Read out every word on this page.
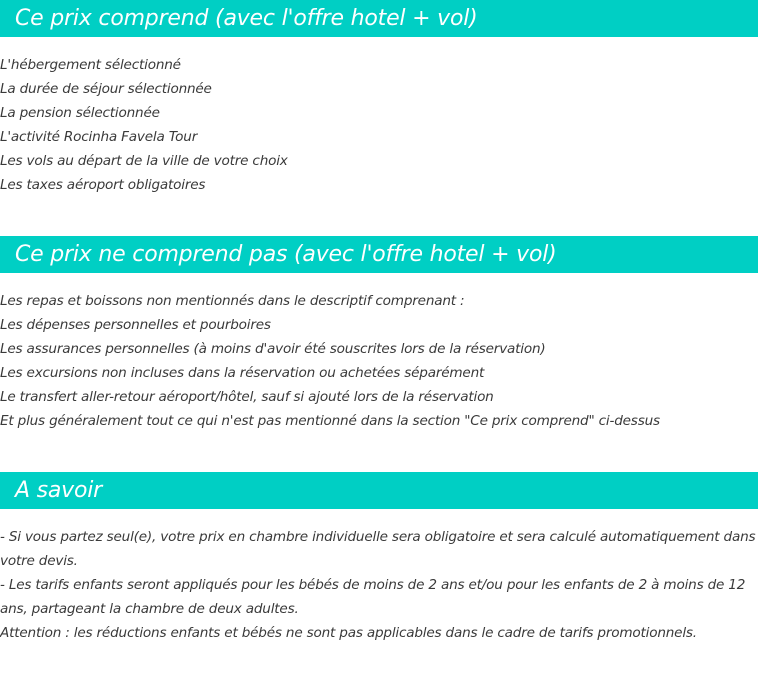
Ce prix comprend (avec l'offre hotel + vol)
L'hébergement sélectionné
La durée de séjour sélectionnée
La pension sélectionnée
L'activité Rocinha Favela Tour
Les vols au départ de la ville de votre choix
Les taxes aéroport obligatoires
Ce prix ne comprend pas (avec l'offre hotel + vol)
Les repas et boissons non mentionnés dans le descriptif comprenant :
Les dépenses personnelles et pourboires
Les assurances personnelles (à moins d'avoir été souscrites lors de la réservation)
Les excursions non incluses dans la réservation ou achetées séparément
Le transfert aller-retour aéroport/hôtel, sauf si ajouté lors de la réservation
Et plus généralement tout ce qui n'est pas mentionné dans la section "Ce prix comprend" ci-dessus
A savoir

- Si vous partez seul(e), votre prix en chambre individuelle sera obligatoire et sera calculé automatiquement dans votre devis.

- Les tarifs enfants seront appliqués pour les bébés de moins de 2 ans et/ou pour les enfants de 2 à moins de 12 ans, partageant la chambre de deux adultes.

Attention : les réductions enfants et bébés ne sont pas applicables dans le cadre de tarifs promotionnels.
